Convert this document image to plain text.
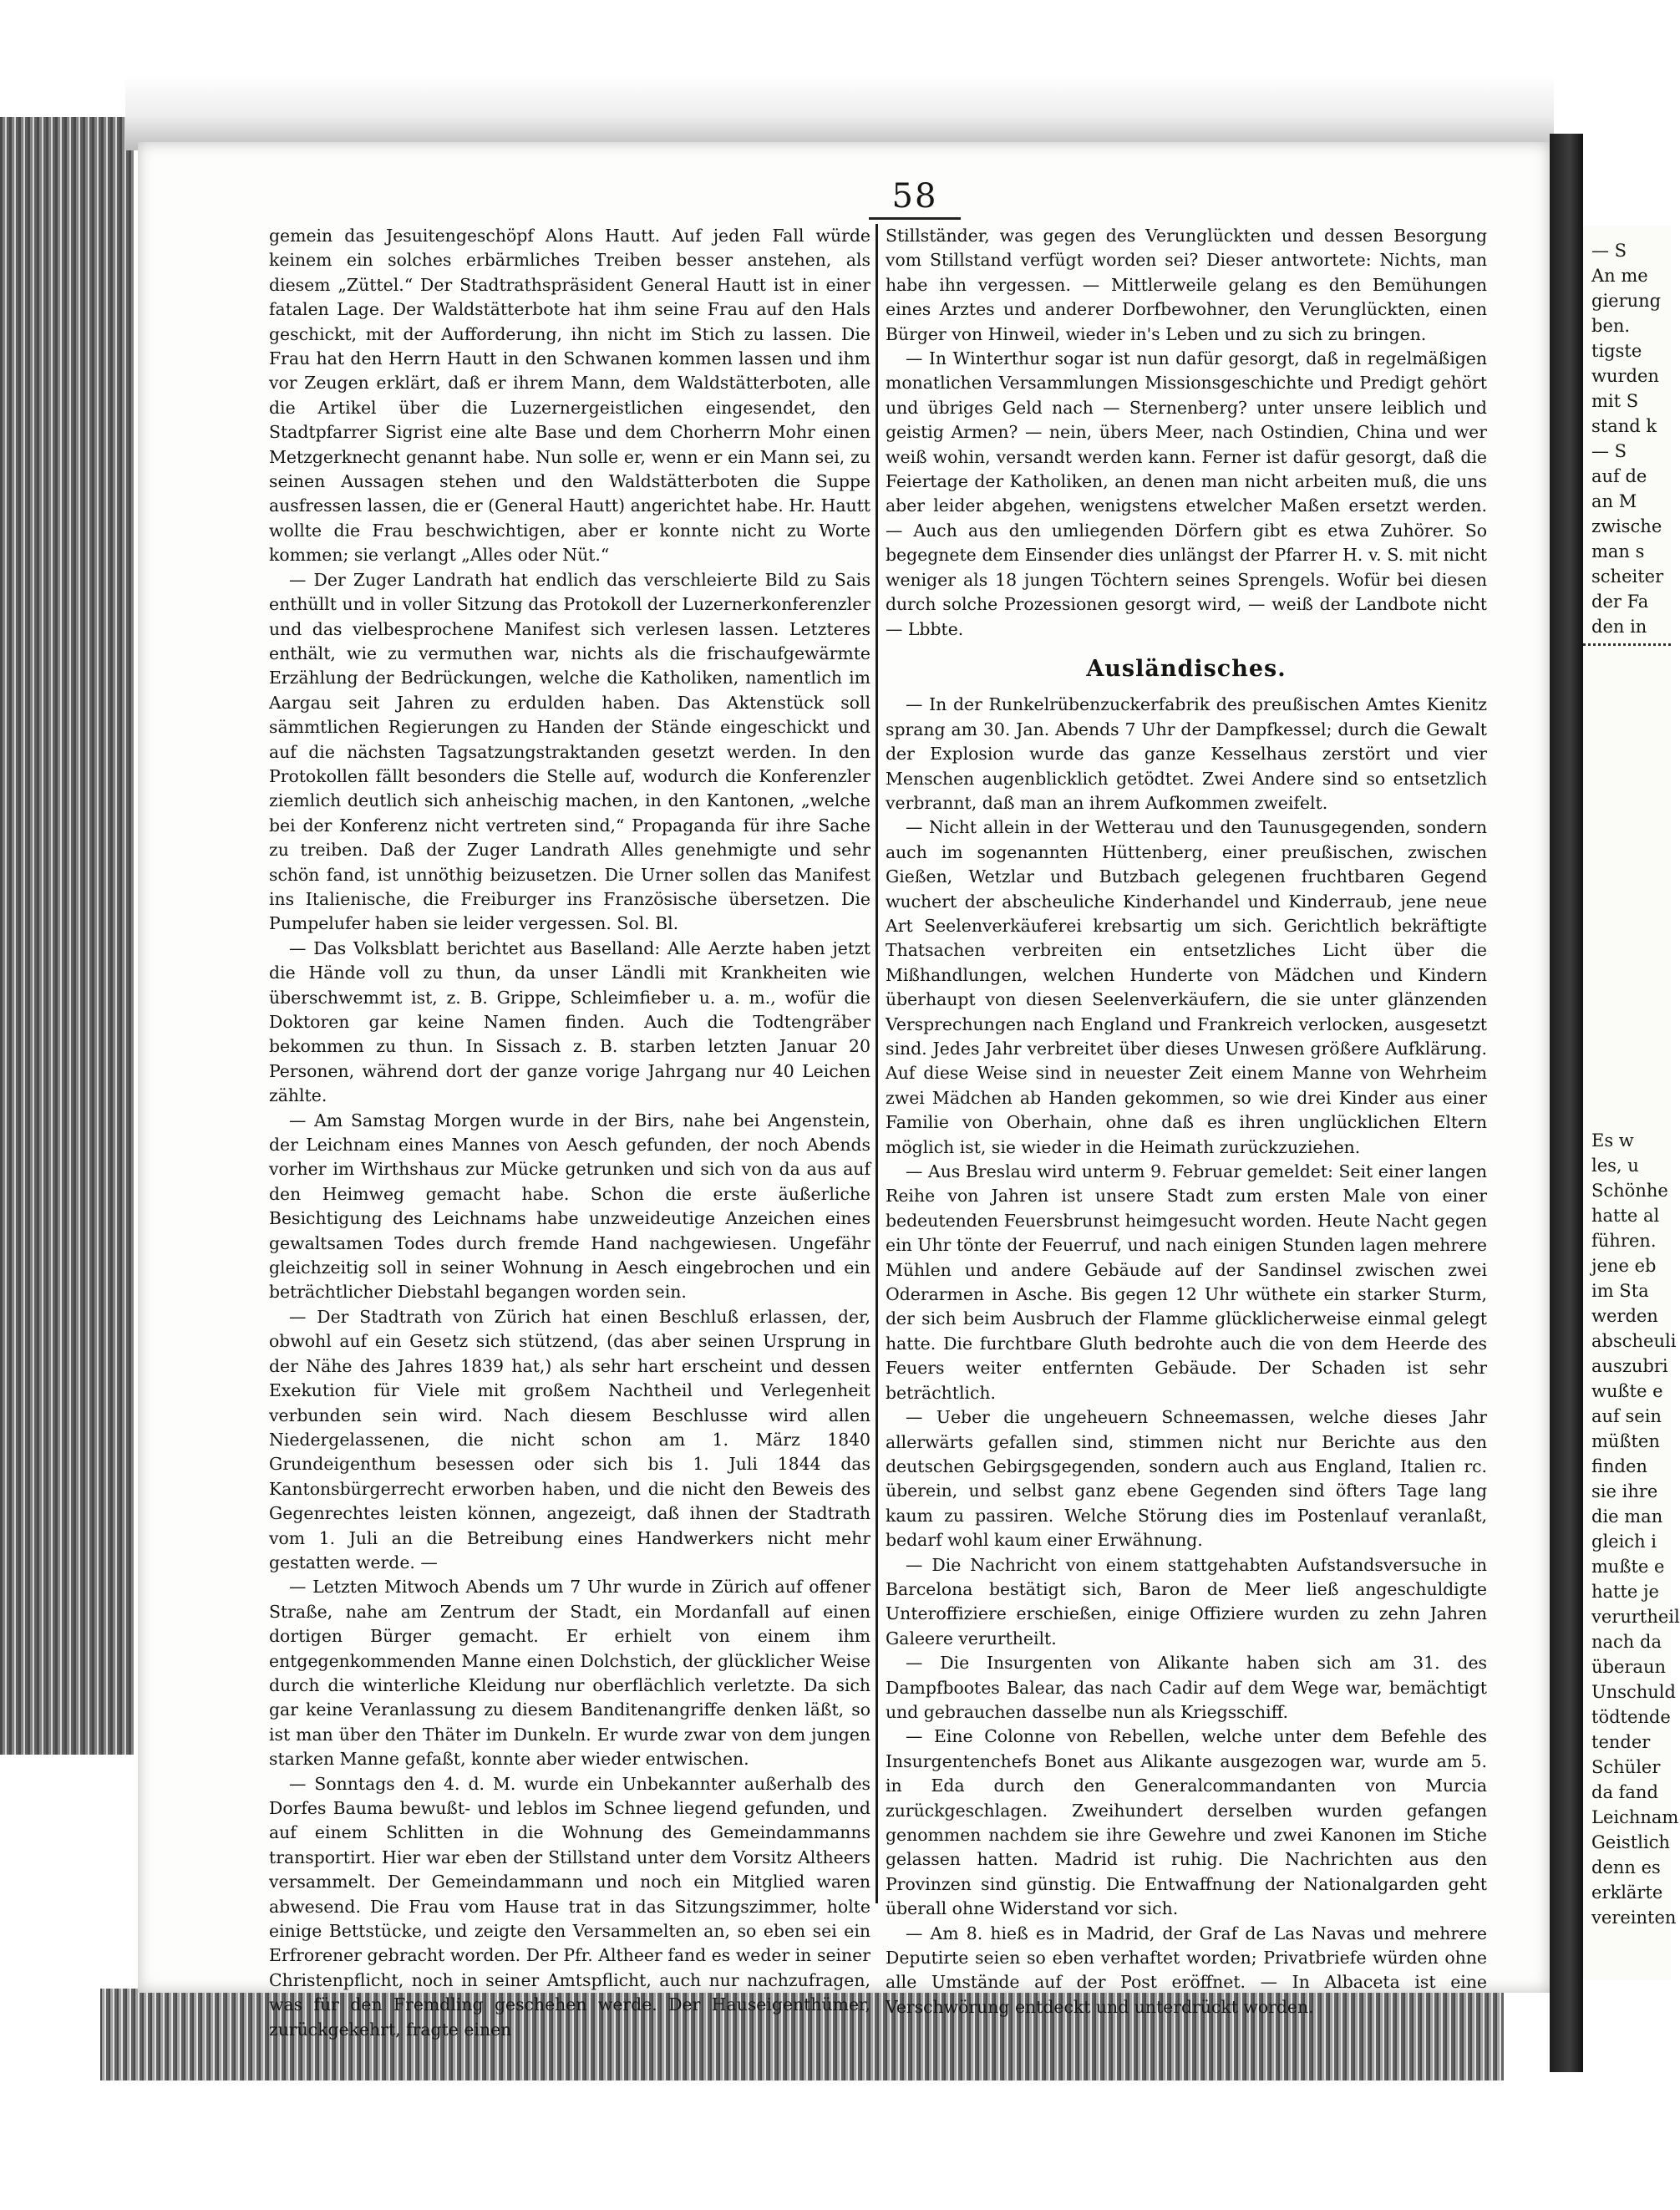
58

gemein das Jesuitengeschöpf Alons Hautt. Auf jeden Fall würde keinem ein solches erbärmliches Treiben besser anstehen, als diesem „Züttel.“ Der Stadtrathspräsident General Hautt ist in einer fatalen Lage. Der Waldstätterbote hat ihm seine Frau auf den Hals geschickt, mit der Aufforderung, ihn nicht im Stich zu lassen. Die Frau hat den Herrn Hautt in den Schwanen kommen lassen und ihm vor Zeugen erklärt, daß er ihrem Mann, dem Waldstätterboten, alle die Artikel über die Luzernergeistlichen eingesendet, den Stadtpfarrer Sigrist eine alte Base und dem Chorherrn Mohr einen Metzgerknecht genannt habe. Nun solle er, wenn er ein Mann sei, zu seinen Aussagen stehen und den Waldstätterboten die Suppe ausfressen lassen, die er (General Hautt) angerichtet habe. Hr. Hautt wollte die Frau beschwichtigen, aber er konnte nicht zu Worte kommen; sie verlangt „Alles oder Nüt.“

— Der Zuger Landrath hat endlich das verschleierte Bild zu Sais enthüllt und in voller Sitzung das Protokoll der Luzernerkonferenzler und das vielbesprochene Manifest sich verlesen lassen. Letzteres enthält, wie zu vermuthen war, nichts als die frischaufgewärmte Erzählung der Bedrückungen, welche die Katholiken, namentlich im Aargau seit Jahren zu erdulden haben. Das Aktenstück soll sämmtlichen Regierungen zu Handen der Stände eingeschickt und auf die nächsten Tagsatzungstraktanden gesetzt werden. In den Protokollen fällt besonders die Stelle auf, wodurch die Konferenzler ziemlich deutlich sich anheischig machen, in den Kantonen, „welche bei der Konferenz nicht vertreten sind,“ Propaganda für ihre Sache zu treiben. Daß der Zuger Landrath Alles genehmigte und sehr schön fand, ist unnöthig beizusetzen. Die Urner sollen das Manifest ins Italienische, die Freiburger ins Französische übersetzen. Die Pumpelufer haben sie leider vergessen. Sol. Bl.

— Das Volksblatt berichtet aus Baselland: Alle Aerzte haben jetzt die Hände voll zu thun, da unser Ländli mit Krankheiten wie überschwemmt ist, z. B. Grippe, Schleimfieber u. a. m., wofür die Doktoren gar keine Namen finden. Auch die Todtengräber bekommen zu thun. In Sissach z. B. starben letzten Januar 20 Personen, während dort der ganze vorige Jahrgang nur 40 Leichen zählte.

— Am Samstag Morgen wurde in der Birs, nahe bei Angenstein, der Leichnam eines Mannes von Aesch gefunden, der noch Abends vorher im Wirthshaus zur Mücke getrunken und sich von da aus auf den Heimweg gemacht habe. Schon die erste äußerliche Besichtigung des Leichnams habe unzweideutige Anzeichen eines gewaltsamen Todes durch fremde Hand nachgewiesen. Ungefähr gleichzeitig soll in seiner Wohnung in Aesch eingebrochen und ein beträchtlicher Diebstahl begangen worden sein.

— Der Stadtrath von Zürich hat einen Beschluß erlassen, der, obwohl auf ein Gesetz sich stützend, (das aber seinen Ursprung in der Nähe des Jahres 1839 hat,) als sehr hart erscheint und dessen Exekution für Viele mit großem Nachtheil und Verlegenheit verbunden sein wird. Nach diesem Beschlusse wird allen Niedergelassenen, die nicht schon am 1. März 1840 Grundeigenthum besessen oder sich bis 1. Juli 1844 das Kantonsbürgerrecht erworben haben, und die nicht den Beweis des Gegenrechtes leisten können, angezeigt, daß ihnen der Stadtrath vom 1. Juli an die Betreibung eines Handwerkers nicht mehr gestatten werde. —

— Letzten Mitwoch Abends um 7 Uhr wurde in Zürich auf offener Straße, nahe am Zentrum der Stadt, ein Mordanfall auf einen dortigen Bürger gemacht. Er erhielt von einem ihm entgegenkommenden Manne einen Dolchstich, der glücklicher Weise durch die winterliche Kleidung nur oberflächlich verletzte. Da sich gar keine Veranlassung zu diesem Banditenangriffe denken läßt, so ist man über den Thäter im Dunkeln. Er wurde zwar von dem jungen starken Manne gefaßt, konnte aber wieder entwischen.

— Sonntags den 4. d. M. wurde ein Unbekannter außerhalb des Dorfes Bauma bewußt- und leblos im Schnee liegend gefunden, und auf einem Schlitten in die Wohnung des Gemeindammanns transportirt. Hier war eben der Stillstand unter dem Vorsitz Altheers versammelt. Der Gemeindammann und noch ein Mitglied waren abwesend. Die Frau vom Hause trat in das Sitzungszimmer, holte einige Bettstücke, und zeigte den Versammelten an, so eben sei ein Erfrorener gebracht worden. Der Pfr. Altheer fand es weder in seiner Christenpflicht, noch in seiner Amtspflicht, auch nur nachzufragen, was für den Fremdling geschehen werde. Der Hauseigenthümer, zurückgekehrt, fragte einen

Stillständer, was gegen des Verunglückten und dessen Besorgung vom Stillstand verfügt worden sei? Dieser antwortete: Nichts, man habe ihn vergessen. — Mittlerweile gelang es den Bemühungen eines Arztes und anderer Dorfbewohner, den Verunglückten, einen Bürger von Hinweil, wieder in's Leben und zu sich zu bringen.

— In Winterthur sogar ist nun dafür gesorgt, daß in regelmäßigen monatlichen Versammlungen Missionsgeschichte und Predigt gehört und übriges Geld nach — Sternenberg? unter unsere leiblich und geistig Armen? — nein, übers Meer, nach Ostindien, China und wer weiß wohin, versandt werden kann. Ferner ist dafür gesorgt, daß die Feiertage der Katholiken, an denen man nicht arbeiten muß, die uns aber leider abgehen, wenigstens etwelcher Maßen ersetzt werden. — Auch aus den umliegenden Dörfern gibt es etwa Zuhörer. So begegnete dem Einsender dies unlängst der Pfarrer H. v. S. mit nicht weniger als 18 jungen Töchtern seines Sprengels. Wofür bei diesen durch solche Prozessionen gesorgt wird, — weiß der Landbote nicht — Lbbte.

Ausländisches.

— In der Runkelrübenzuckerfabrik des preußischen Amtes Kienitz sprang am 30. Jan. Abends 7 Uhr der Dampfkessel; durch die Gewalt der Explosion wurde das ganze Kesselhaus zerstört und vier Menschen augenblicklich getödtet. Zwei Andere sind so entsetzlich verbrannt, daß man an ihrem Aufkommen zweifelt.

— Nicht allein in der Wetterau und den Taunusgegenden, sondern auch im sogenannten Hüttenberg, einer preußischen, zwischen Gießen, Wetzlar und Butzbach gelegenen fruchtbaren Gegend wuchert der abscheuliche Kinderhandel und Kinderraub, jene neue Art Seelenverkäuferei krebsartig um sich. Gerichtlich bekräftigte Thatsachen verbreiten ein entsetzliches Licht über die Mißhandlungen, welchen Hunderte von Mädchen und Kindern überhaupt von diesen Seelenverkäufern, die sie unter glänzenden Versprechungen nach England und Frankreich verlocken, ausgesetzt sind. Jedes Jahr verbreitet über dieses Unwesen größere Aufklärung. Auf diese Weise sind in neuester Zeit einem Manne von Wehrheim zwei Mädchen ab Handen gekommen, so wie drei Kinder aus einer Familie von Oberhain, ohne daß es ihren unglücklichen Eltern möglich ist, sie wieder in die Heimath zurückzuziehen.

— Aus Breslau wird unterm 9. Februar gemeldet: Seit einer langen Reihe von Jahren ist unsere Stadt zum ersten Male von einer bedeutenden Feuersbrunst heimgesucht worden. Heute Nacht gegen ein Uhr tönte der Feuerruf, und nach einigen Stunden lagen mehrere Mühlen und andere Gebäude auf der Sandinsel zwischen zwei Oderarmen in Asche. Bis gegen 12 Uhr wüthete ein starker Sturm, der sich beim Ausbruch der Flamme glücklicherweise einmal gelegt hatte. Die furchtbare Gluth bedrohte auch die von dem Heerde des Feuers weiter entfernten Gebäude. Der Schaden ist sehr beträchtlich.

— Ueber die ungeheuern Schneemassen, welche dieses Jahr allerwärts gefallen sind, stimmen nicht nur Berichte aus den deutschen Gebirgsgegenden, sondern auch aus England, Italien rc. überein, und selbst ganz ebene Gegenden sind öfters Tage lang kaum zu passiren. Welche Störung dies im Postenlauf veranlaßt, bedarf wohl kaum einer Erwähnung.

— Die Nachricht von einem stattgehabten Aufstandsversuche in Barcelona bestätigt sich, Baron de Meer ließ angeschuldigte Unteroffiziere erschießen, einige Offiziere wurden zu zehn Jahren Galeere verurtheilt.

— Die Insurgenten von Alikante haben sich am 31. des Dampfbootes Balear, das nach Cadir auf dem Wege war, bemächtigt und gebrauchen dasselbe nun als Kriegsschiff.

— Eine Colonne von Rebellen, welche unter dem Befehle des Insurgentenchefs Bonet aus Alikante ausgezogen war, wurde am 5. in Eda durch den Generalcommandanten von Murcia zurückgeschlagen. Zweihundert derselben wurden gefangen genommen nachdem sie ihre Gewehre und zwei Kanonen im Stiche gelassen hatten. Madrid ist ruhig. Die Nachrichten aus den Provinzen sind günstig. Die Entwaffnung der Nationalgarden geht überall ohne Widerstand vor sich.

— Am 8. hieß es in Madrid, der Graf de Las Navas und mehrere Deputirte seien so eben verhaftet worden; Privatbriefe würden ohne alle Umstände auf der Post eröffnet. — In Albaceta ist eine Verschwörung entdeckt und unterdrückt worden.

— S

An me

gierung

ben.

tigste

wurden

mit S

stand k

— S

auf de

an M

zwische

man s

scheiter

der Fa

den in

Es w

les, u

Schönhe

hatte al

führen.

jene eb

im Sta

werden

abscheuli

auszubri

wußte e

auf sein

müßten

finden

sie ihre

die man

gleich i

mußte e

hatte je

verurtheil

nach da

überaun

Unschuld

tödtende

tender

Schüler

da fand

Leichnam

Geistlich

denn es

erklärte

vereinten
